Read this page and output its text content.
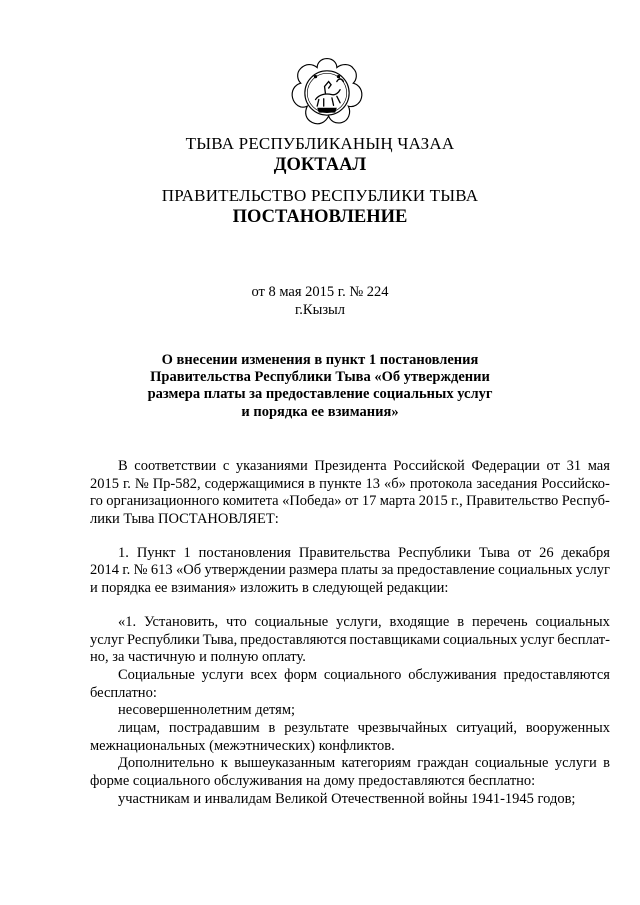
ТЫВА РЕСПУБЛИКАНЫҢ ЧАЗАА
ДОКТААЛ
ПРАВИТЕЛЬСТВО РЕСПУБЛИКИ ТЫВА
ПОСТАНОВЛЕНИЕ
от 8 мая 2015 г. № 224
г.Кызыл
О внесении изменения в пункт 1 постановления
Правительства Республики Тыва «Об утверждении
размера платы за предоставление социальных услуг
и порядка ее взимания»
В соответствии с указаниями Президента Российской Федерации от 31 мая
2015 г. № Пр-582, содержащимися в пункте 13 «б» протокола заседания Российско-
го организационного комитета «Победа» от 17 марта 2015 г., Правительство Респуб-
лики Тыва ПОСТАНОВЛЯЕТ:
1. Пункт 1 постановления Правительства Республики Тыва от 26 декабря
2014 г. № 613 «Об утверждении размера платы за предоставление социальных услуг
и порядка ее взимания» изложить в следующей редакции:
«1. Установить, что социальные услуги, входящие в перечень социальных
услуг Республики Тыва, предоставляются поставщиками социальных услуг бесплат-
но, за частичную и полную оплату.
Социальные услуги всех форм социального обслуживания предоставляются
бесплатно:
несовершеннолетним детям;
лицам, пострадавшим в результате чрезвычайных ситуаций, вооруженных
межнациональных (межэтнических) конфликтов.
Дополнительно к вышеуказанным категориям граждан социальные услуги в
форме социального обслуживания на дому предоставляются бесплатно:
участникам и инвалидам Великой Отечественной войны 1941-1945 годов;
